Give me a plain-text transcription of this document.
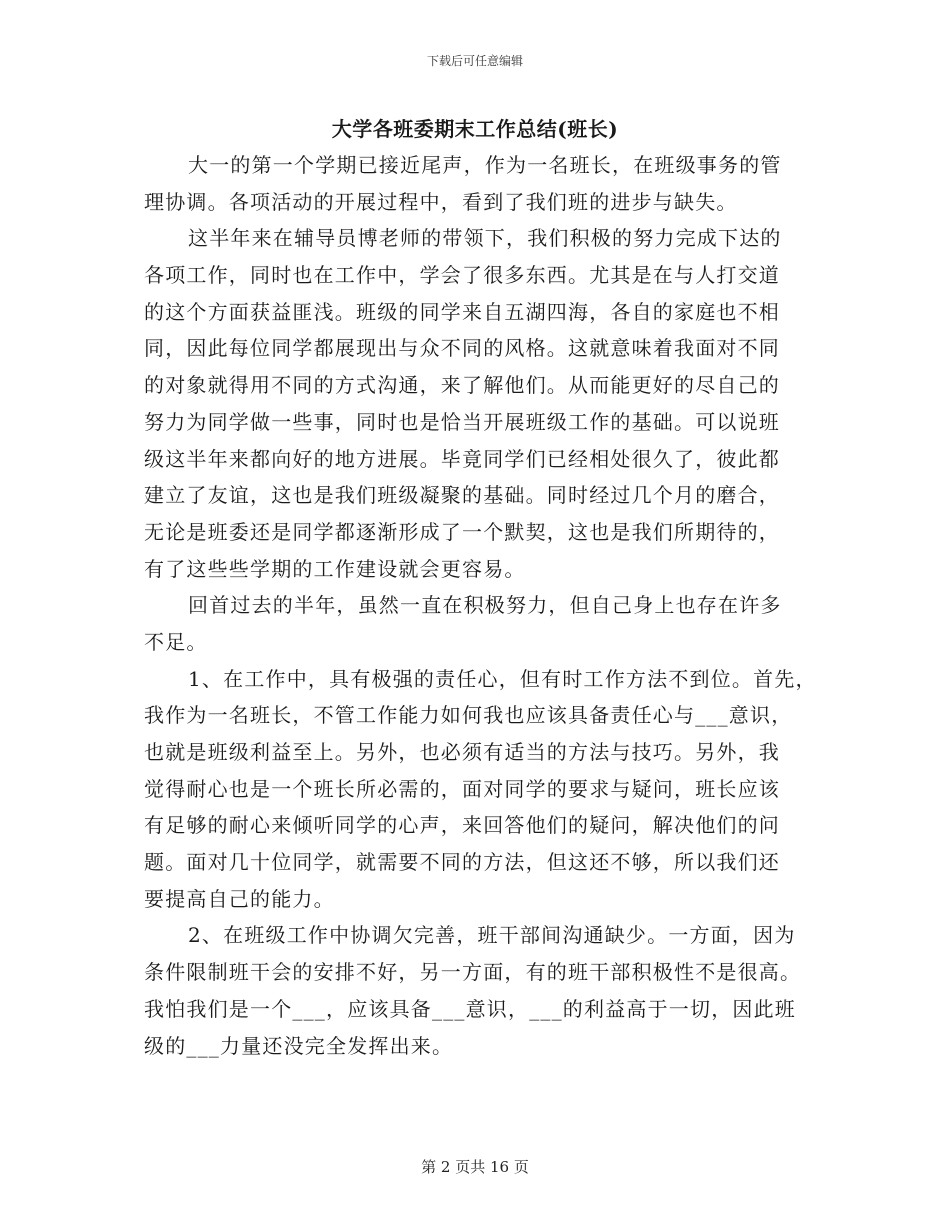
下载后可任意编辑
大学各班委期末工作总结(班长)
大一的第一个学期已接近尾声，作为一名班长，在班级事务的管
理协调。各项活动的开展过程中，看到了我们班的进步与缺失。
这半年来在辅导员博老师的带领下，我们积极的努力完成下达的
各项工作，同时也在工作中，学会了很多东西。尤其是在与人打交道
的这个方面获益匪浅。班级的同学来自五湖四海，各自的家庭也不相
同，因此每位同学都展现出与众不同的风格。这就意味着我面对不同
的对象就得用不同的方式沟通，来了解他们。从而能更好的尽自己的
努力为同学做一些事，同时也是恰当开展班级工作的基础。可以说班
级这半年来都向好的地方进展。毕竟同学们已经相处很久了，彼此都
建立了友谊，这也是我们班级凝聚的基础。同时经过几个月的磨合，
无论是班委还是同学都逐渐形成了一个默契，这也是我们所期待的，
有了这些些学期的工作建设就会更容易。
回首过去的半年，虽然一直在积极努力，但自己身上也存在许多
不足。
1、在工作中，具有极强的责任心，但有时工作方法不到位。首先，
我作为一名班长，不管工作能力如何我也应该具备责任心与___意识，
也就是班级利益至上。另外，也必须有适当的方法与技巧。另外，我
觉得耐心也是一个班长所必需的，面对同学的要求与疑问，班长应该
有足够的耐心来倾听同学的心声，来回答他们的疑问，解决他们的问
题。面对几十位同学，就需要不同的方法，但这还不够，所以我们还
要提高自己的能力。
2、在班级工作中协调欠完善，班干部间沟通缺少。一方面，因为
条件限制班干会的安排不好，另一方面，有的班干部积极性不是很高。
我怕我们是一个___，应该具备___意识，___的利益高于一切，因此班
级的___力量还没完全发挥出来。
第 2 页共 16 页
